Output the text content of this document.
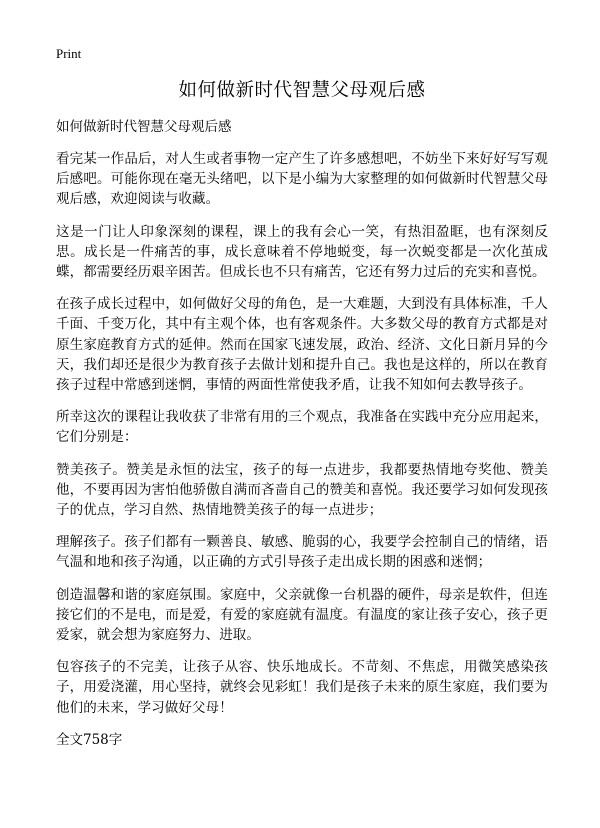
Print
如何做新时代智慧父母观后感
如何做新时代智慧父母观后感

看完某一作品后，对人生或者事物一定产生了许多感想吧，不妨坐下来好好写写观后感吧。可能你现在毫无头绪吧，以下是小编为大家整理的如何做新时代智慧父母观后感，欢迎阅读与收藏。

这是一门让人印象深刻的课程，课上的我有会心一笑，有热泪盈眶，也有深刻反思。成长是一件痛苦的事，成长意味着不停地蜕变，每一次蜕变都是一次化茧成蝶，都需要经历艰辛困苦。但成长也不只有痛苦，它还有努力过后的充实和喜悦。

在孩子成长过程中，如何做好父母的角色，是一大难题，大到没有具体标准，千人千面、千变万化，其中有主观个体，也有客观条件。大多数父母的教育方式都是对原生家庭教育方式的延伸。然而在国家飞速发展，政治、经济、文化日新月异的今天，我们却还是很少为教育孩子去做计划和提升自己。我也是这样的，所以在教育孩子过程中常感到迷惘，事情的两面性常使我矛盾，让我不知如何去教导孩子。

所幸这次的课程让我收获了非常有用的三个观点，我准备在实践中充分应用起来，它们分别是：

赞美孩子。赞美是永恒的法宝，孩子的每一点进步，我都要热情地夸奖他、赞美他，不要再因为害怕他骄傲自满而吝啬自己的赞美和喜悦。我还要学习如何发现孩子的优点，学习自然、热情地赞美孩子的每一点进步；

理解孩子。孩子们都有一颗善良、敏感、脆弱的心，我要学会控制自己的情绪，语气温和地和孩子沟通，以正确的方式引导孩子走出成长期的困惑和迷惘；

创造温馨和谐的家庭氛围。家庭中，父亲就像一台机器的硬件，母亲是软件，但连接它们的不是电，而是爱，有爱的家庭就有温度。有温度的家让孩子安心，孩子更爱家，就会想为家庭努力、进取。

包容孩子的不完美，让孩子从容、快乐地成长。不苛刻、不焦虑，用微笑感染孩子，用爱浇灌，用心坚持，就终会见彩虹！我们是孩子未来的原生家庭，我们要为他们的未来，学习做好父母！

全文758字
